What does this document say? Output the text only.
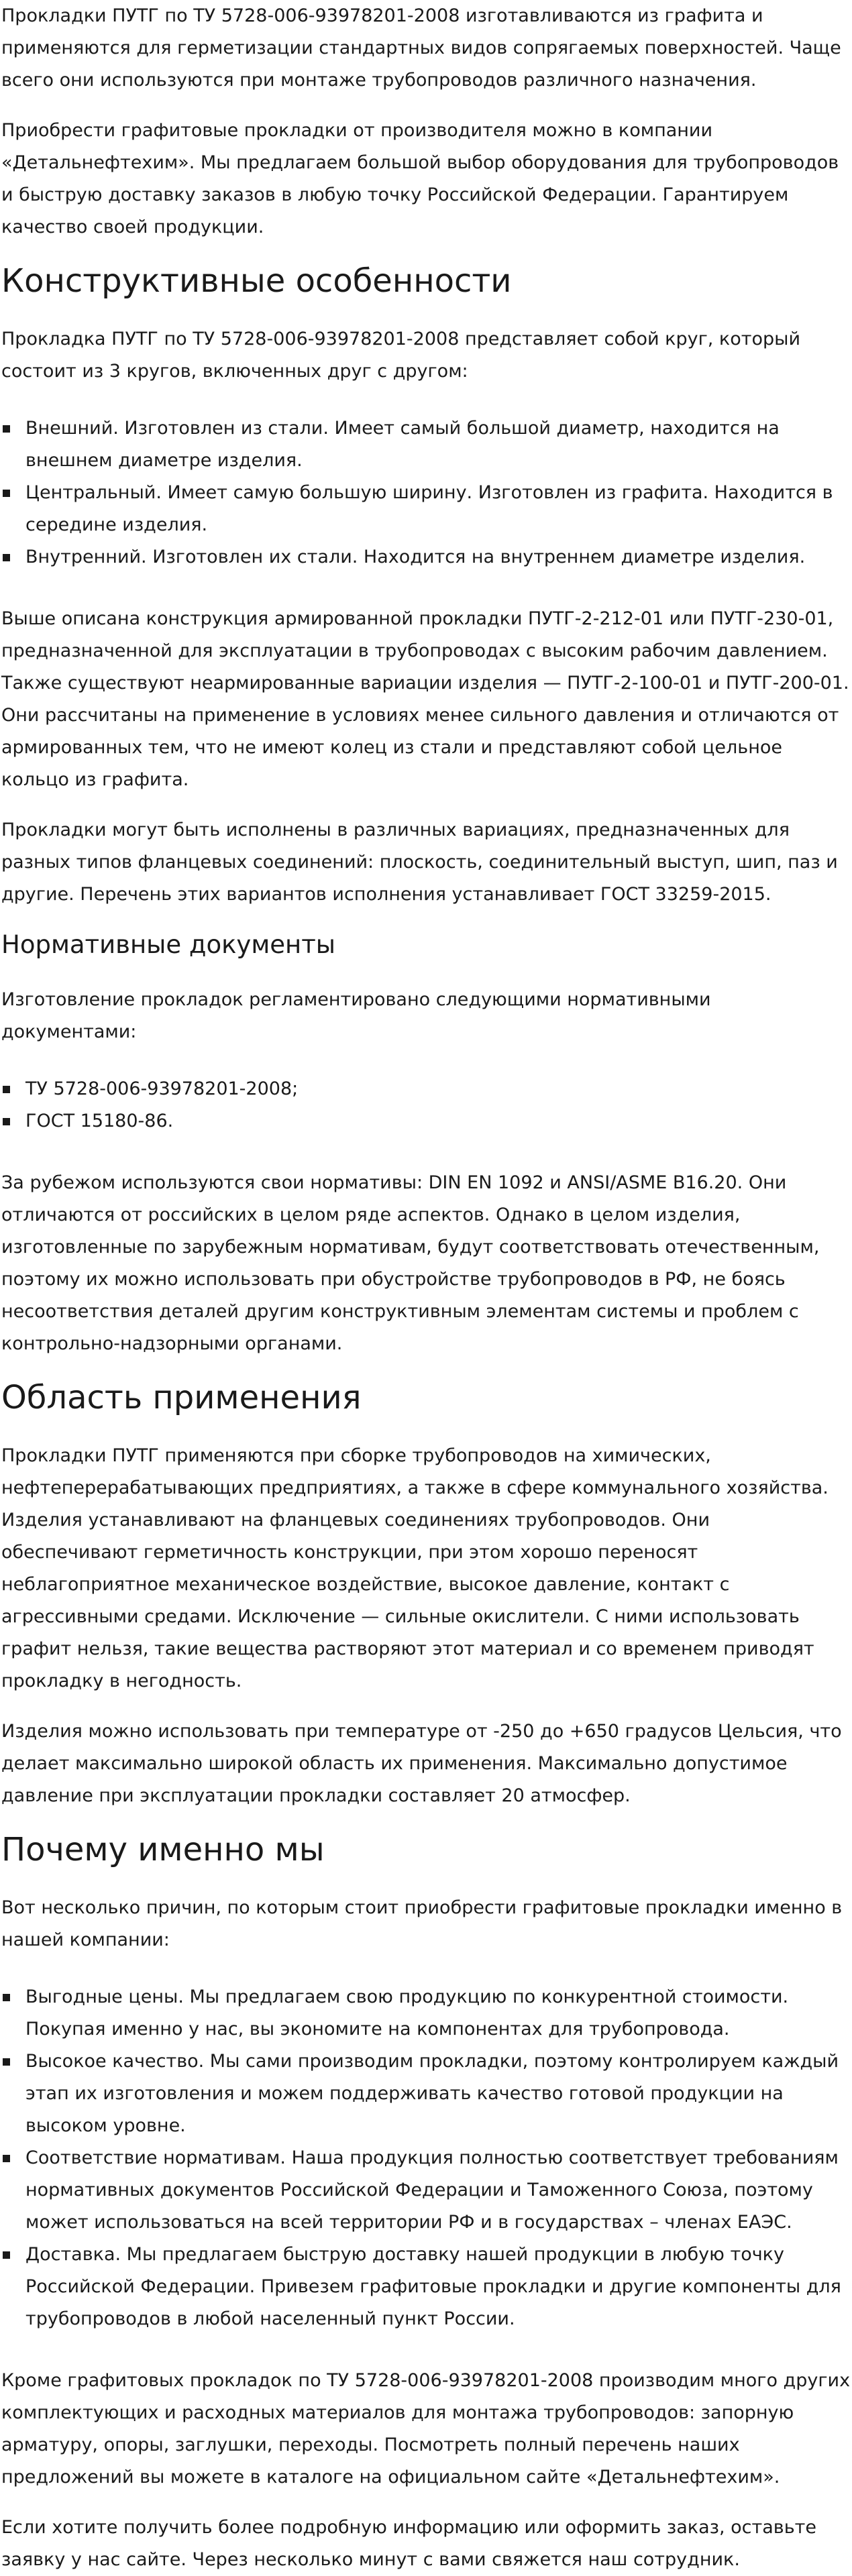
Прокладки ПУТГ по ТУ 5728-006-93978201-2008 изготавливаются из графита и применяются для герметизации стандартных видов сопрягаемых поверхностей. Чаще всего они используются при монтаже трубопроводов различного назначения.

Приобрести графитовые прокладки от производителя можно в компании «Детальнефтехим». Мы предлагаем большой выбор оборудования для трубопроводов и быструю доставку заказов в любую точку Российской Федерации. Гарантируем качество своей продукции.

Конструктивные особенности

Прокладка ПУТГ по ТУ 5728-006-93978201-2008 представляет собой круг, который состоит из 3 кругов, включенных друг с другом:

Внешний. Изготовлен из стали. Имеет самый большой диаметр, находится на внешнем диаметре изделия.
Центральный. Имеет самую большую ширину. Изготовлен из графита. Находится в середине изделия.
Внутренний. Изготовлен их стали. Находится на внутреннем диаметре изделия.

Выше описана конструкция армированной прокладки ПУТГ-2-212-01 или ПУТГ-230-01, предназначенной для эксплуатации в трубопроводах с высоким рабочим давлением. Также существуют неармированные вариации изделия — ПУТГ-2-100-01 и ПУТГ-200-01. Они рассчитаны на применение в условиях менее сильного давления и отличаются от армированных тем, что не имеют колец из стали и представляют собой цельное кольцо из графита.

Прокладки могут быть исполнены в различных вариациях, предназначенных для разных типов фланцевых соединений: плоскость, соединительный выступ, шип, паз и другие. Перечень этих вариантов исполнения устанавливает ГОСТ 33259-2015.

Нормативные документы

Изготовление прокладок регламентировано следующими нормативными документами:

ТУ 5728-006-93978201-2008;
ГОСТ 15180-86.

За рубежом используются свои нормативы: DIN EN 1092 и ANSI/ASME B16.20. Они отличаются от российских в целом ряде аспектов. Однако в целом изделия, изготовленные по зарубежным нормативам, будут соответствовать отечественным, поэтому их можно использовать при обустройстве трубопроводов в РФ, не боясь несоответствия деталей другим конструктивным элементам системы и проблем с контрольно-надзорными органами.

Область применения

Прокладки ПУТГ применяются при сборке трубопроводов на химических, нефтеперерабатывающих предприятиях, а также в сфере коммунального хозяйства. Изделия устанавливают на фланцевых соединениях трубопроводов. Они обеспечивают герметичность конструкции, при этом хорошо переносят неблагоприятное механическое воздействие, высокое давление, контакт с агрессивными средами. Исключение — сильные окислители. С ними использовать графит нельзя, такие вещества растворяют этот материал и со временем приводят прокладку в негодность.

Изделия можно использовать при температуре от -250 до +650 градусов Цельсия, что делает максимально широкой область их применения. Максимально допустимое давление при эксплуатации прокладки составляет 20 атмосфер.

Почему именно мы

Вот несколько причин, по которым стоит приобрести графитовые прокладки именно в нашей компании:

Выгодные цены. Мы предлагаем свою продукцию по конкурентной стоимости. Покупая именно у нас, вы экономите на компонентах для трубопровода.
Высокое качество. Мы сами производим прокладки, поэтому контролируем каждый этап их изготовления и можем поддерживать качество готовой продукции на высоком уровне.
Соответствие нормативам. Наша продукция полностью соответствует требованиям нормативных документов Российской Федерации и Таможенного Союза, поэтому может использоваться на всей территории РФ и в государствах – членах ЕАЭС.
Доставка. Мы предлагаем быструю доставку нашей продукции в любую точку Российской Федерации. Привезем графитовые прокладки и другие компоненты для трубопроводов в любой населенный пункт России.

Кроме графитовых прокладок по ТУ 5728-006-93978201-2008 производим много других комплектующих и расходных материалов для монтажа трубопроводов: запорную арматуру, опоры, заглушки, переходы. Посмотреть полный перечень наших предложений вы можете в каталоге на официальном сайте «Детальнефтехим».

Если хотите получить более подробную информацию или оформить заказ, оставьте заявку у нас сайте. Через несколько минут с вами свяжется наш сотрудник.
